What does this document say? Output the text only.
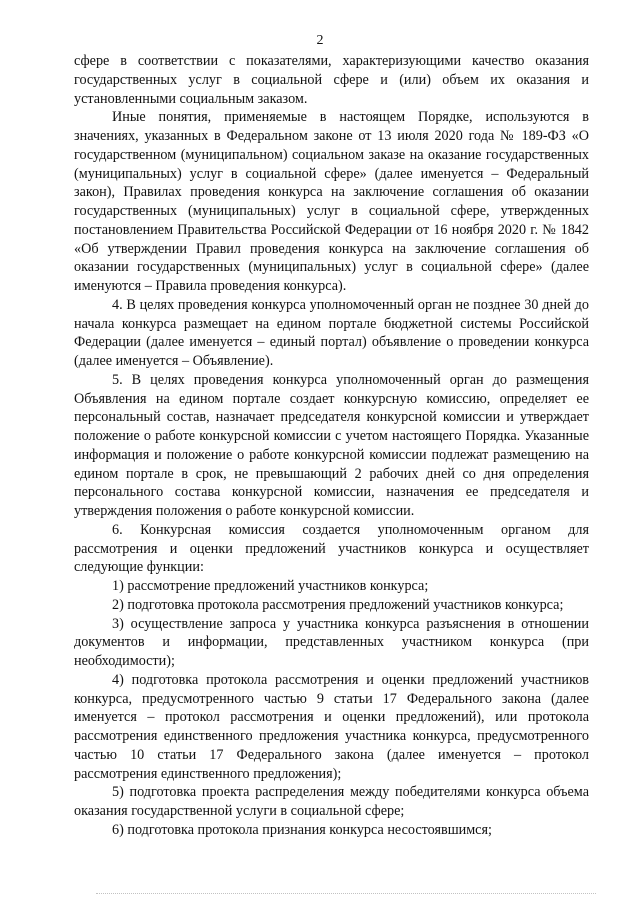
2

сфере в соответствии с показателями, характеризующими качество оказания государственных услуг в социальной сфере и (или) объем их оказания и установленными социальным заказом.

Иные понятия, применяемые в настоящем Порядке, используются в значениях, указанных в Федеральном законе от 13 июля 2020 года № 189-ФЗ «О государственном (муниципальном) социальном заказе на оказание государственных (муниципальных) услуг в социальной сфере» (далее именуется – Федеральный закон), Правилах проведения конкурса на заключение соглашения об оказании государственных (муниципальных) услуг в социальной сфере, утвержденных постановлением Правительства Российской Федерации от 16 ноября 2020 г. № 1842 «Об утверждении Правил проведения конкурса на заключение соглашения об оказании государственных (муниципальных) услуг в социальной сфере» (далее именуются – Правила проведения конкурса).

4. В целях проведения конкурса уполномоченный орган не позднее 30 дней до начала конкурса размещает на едином портале бюджетной системы Российской Федерации (далее именуется – единый портал) объявление о проведении конкурса (далее именуется – Объявление).

5. В целях проведения конкурса уполномоченный орган до размещения Объявления на едином портале создает конкурсную комиссию, определяет ее персональный состав, назначает председателя конкурсной комиссии и утверждает положение о работе конкурсной комиссии с учетом настоящего Порядка. Указанные информация и положение о работе конкурсной комиссии подлежат размещению на едином портале в срок, не превышающий 2 рабочих дней со дня определения персонального состава конкурсной комиссии, назначения ее председателя и утверждения положения о работе конкурсной комиссии.

6. Конкурсная комиссия создается уполномоченным органом для рассмотрения и оценки предложений участников конкурса и осуществляет следующие функции:

1) рассмотрение предложений участников конкурса;

2) подготовка протокола рассмотрения предложений участников конкурса;

3) осуществление запроса у участника конкурса разъяснения в отношении документов и информации, представленных участником конкурса (при необходимости);

4) подготовка протокола рассмотрения и оценки предложений участников конкурса, предусмотренного частью 9 статьи 17 Федерального закона (далее именуется – протокол рассмотрения и оценки предложений), или протокола рассмотрения единственного предложения участника конкурса, предусмотренного частью 10 статьи 17 Федерального закона (далее именуется – протокол рассмотрения единственного предложения);

5) подготовка проекта распределения между победителями конкурса объема оказания государственной услуги в социальной сфере;

6) подготовка протокола признания конкурса несостоявшимся;
